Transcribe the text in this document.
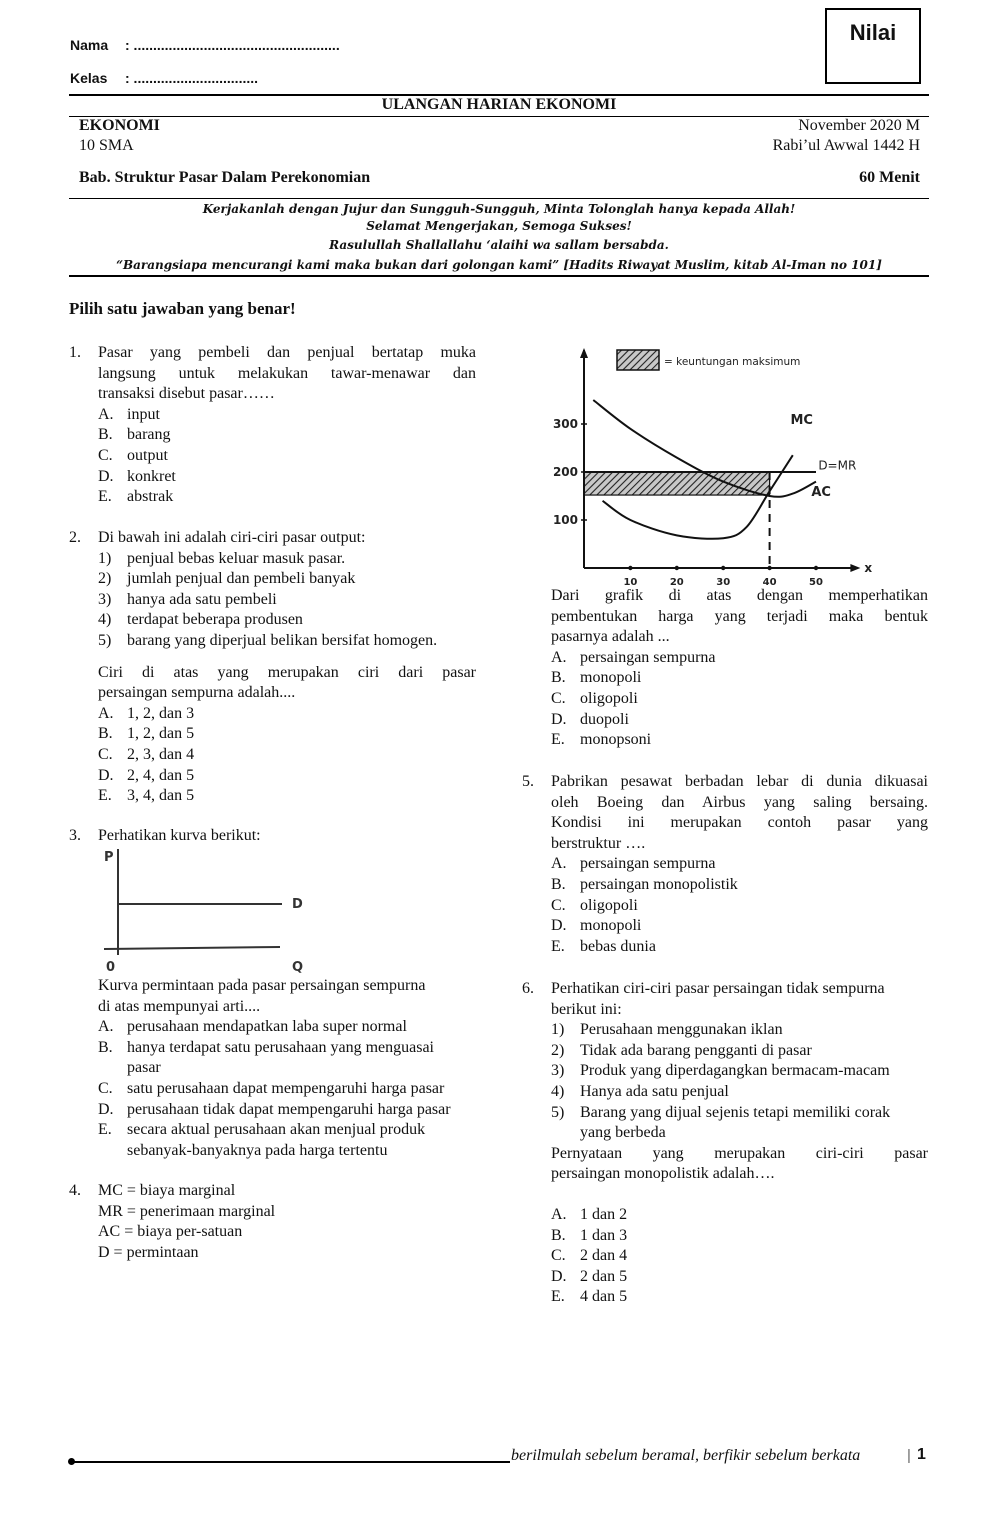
Nama : .....................................................
Kelas : ................................
Nilai
ULANGAN HARIAN EKONOMI
EKONOMI
10 SMA
November 2020 M
Rabi’ul Awwal 1442 H
Bab. Struktur Pasar Dalam Perekonomian	60 Menit
Kerjakanlah dengan Jujur dan Sungguh-Sungguh, Minta Tolonglah hanya kepada Allah!
Selamat Mengerjakan, Semoga Sukses!
Rasulullah Shallallahu ‘alaihi wa sallam bersabda.
“Barangsiapa mencurangi kami maka bukan dari golongan kami” [Hadits Riwayat Muslim, kitab Al-Iman no 101]
Pilih satu jawaban yang benar!
1. Pasar yang pembeli dan penjual bertatap muka
langsung untuk melakukan tawar-menawar dan
transaksi disebut pasar……
A. input
B. barang
C. output
D. konkret
E. abstrak
2. Di bawah ini adalah ciri-ciri pasar output:
1) penjual bebas keluar masuk pasar.
2) jumlah penjual dan pembeli banyak
3) hanya ada satu pembeli
4) terdapat beberapa produsen
5) barang yang diperjual belikan bersifat homogen.
Ciri di atas yang merupakan ciri dari pasar
persaingan sempurna adalah....
A. 1, 2, dan 3
B. 1, 2, dan 5
C. 2, 3, dan 4
D. 2, 4, dan 5
E. 3, 4, dan 5
3. Perhatikan kurva berikut:
P
D
0	Q
Kurva permintaan pada pasar persaingan sempurna
di atas mempunyai arti....
A. perusahaan mendapatkan laba super normal
B. hanya terdapat satu perusahaan yang menguasai
pasar
C. satu perusahaan dapat mempengaruhi harga pasar
D. perusahaan tidak dapat mempengaruhi harga pasar
E. secara aktual perusahaan akan menjual produk
sebanyak-banyaknya pada harga tertentu
4. MC = biaya marginal
MR = penerimaan marginal
AC = biaya per-satuan
D = permintaan
x
10	20	30	40	50
100
200
300	MC
AC
D=MR
= keuntungan maksimum
Dari grafik di atas dengan memperhatikan
pembentukan harga yang terjadi maka bentuk
pasarnya adalah ...
A. persaingan sempurna
B. monopoli
C. oligopoli
D. duopoli
E. monopsoni
5. Pabrikan pesawat berbadan lebar di dunia dikuasai
oleh Boeing dan Airbus yang saling bersaing.
Kondisi ini merupakan contoh pasar yang
berstruktur ….
A. persaingan sempurna
B. persaingan monopolistik
C. oligopoli
D. monopoli
E. bebas dunia
6. Perhatikan ciri-ciri pasar persaingan tidak sempurna
berikut ini:
1) Perusahaan menggunakan iklan
2) Tidak ada barang pengganti di pasar
3) Produk yang diperdagangkan bermacam-macam
4) Hanya ada satu penjual
5) Barang yang dijual sejenis tetapi memiliki corak
yang berbeda
Pernyataan yang merupakan ciri-ciri pasar
persaingan monopolistik adalah….
A. 1 dan 2
B. 1 dan 3
C. 2 dan 4
D. 2 dan 5
E. 4 dan 5
berilmulah sebelum beramal, berfikir sebelum berkata	| 1
